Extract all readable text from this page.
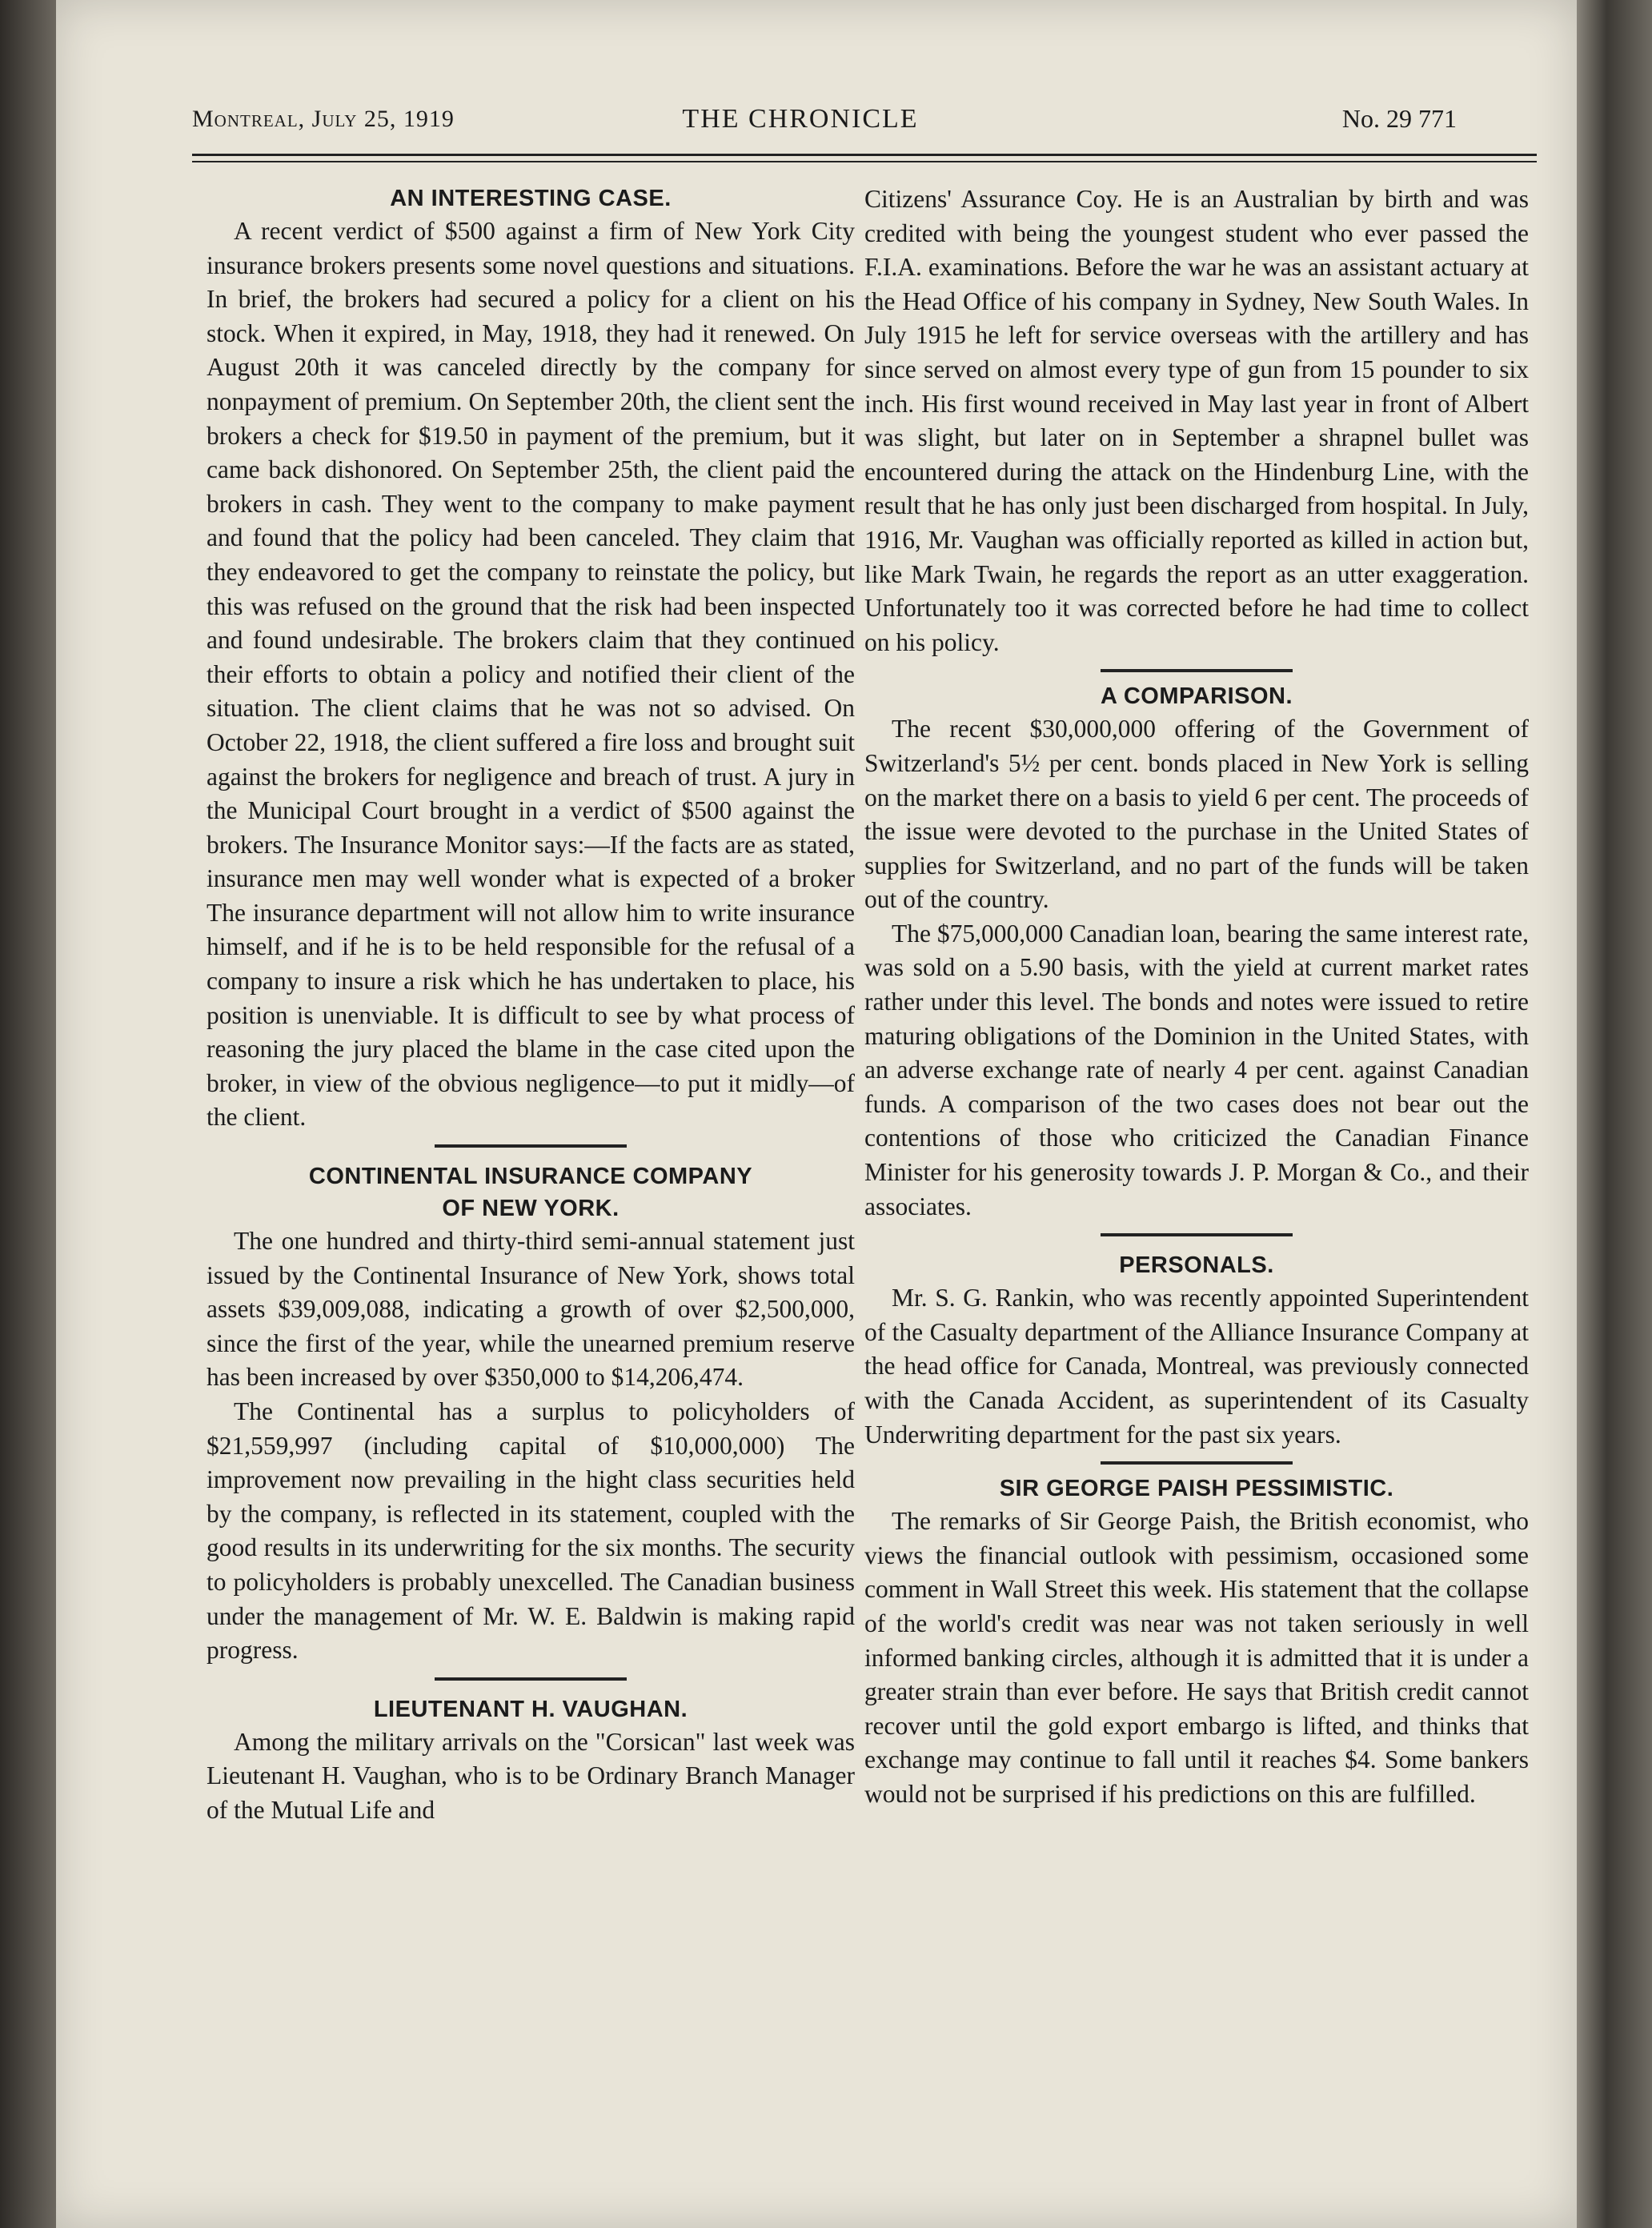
Montreal, July 25, 1919	THE CHRONICLE	No. 29 771
AN INTERESTING CASE.

A recent verdict of $500 against a firm of New York City insurance brokers presents some novel questions and situations. In brief, the brokers had secured a policy for a client on his stock. When it expired, in May, 1918, they had it renewed. On August 20th it was canceled directly by the company for nonpayment of premium. On September 20th, the client sent the brokers a check for $19.50 in payment of the premium, but it came back dishonored. On September 25th, the client paid the brokers in cash. They went to the company to make payment and found that the policy had been canceled. They claim that they endeavored to get the company to reinstate the policy, but this was refused on the ground that the risk had been inspected and found undesirable. The brokers claim that they continued their efforts to obtain a policy and notified their client of the situation. The client claims that he was not so advised. On October 22, 1918, the client suffered a fire loss and brought suit against the brokers for negligence and breach of trust. A jury in the Municipal Court brought in a verdict of $500 against the brokers. The Insurance Monitor says:—If the facts are as stated, insurance men may well wonder what is expected of a broker The insurance department will not allow him to write insurance himself, and if he is to be held responsible for the refusal of a company to insure a risk which he has undertaken to place, his position is unenviable. It is difficult to see by what process of reasoning the jury placed the blame in the case cited upon the broker, in view of the obvious negligence—to put it midly—of the client.

CONTINENTAL INSURANCE COMPANY
OF NEW YORK.

The one hundred and thirty-third semi-annual statement just issued by the Continental Insurance of New York, shows total assets $39,009,088, indicating a growth of over $2,500,000, since the first of the year, while the unearned premium reserve has been increased by over $350,000 to $14,206,474.

The Continental has a surplus to policyholders of $21,559,997 (including capital of $10,000,000) The improvement now prevailing in the hight class securities held by the company, is reflected in its statement, coupled with the good results in its underwriting for the six months. The security to policyholders is probably unexcelled. The Canadian business under the management of Mr. W. E. Baldwin is making rapid progress.

LIEUTENANT H. VAUGHAN.

Among the military arrivals on the "Corsican" last week was Lieutenant H. Vaughan, who is to be Ordinary Branch Manager of the Mutual Life and

Citizens' Assurance Coy. He is an Australian by birth and was credited with being the youngest student who ever passed the F.I.A. examinations. Before the war he was an assistant actuary at the Head Office of his company in Sydney, New South Wales. In July 1915 he left for service overseas with the artillery and has since served on almost every type of gun from 15 pounder to six inch. His first wound received in May last year in front of Albert was slight, but later on in September a shrapnel bullet was encountered during the attack on the Hindenburg Line, with the result that he has only just been discharged from hospital. In July, 1916, Mr. Vaughan was officially reported as killed in action but, like Mark Twain, he regards the report as an utter exaggeration. Unfortunately too it was corrected before he had time to collect on his policy.

A COMPARISON.

The recent $30,000,000 offering of the Government of Switzerland's 5½ per cent. bonds placed in New York is selling on the market there on a basis to yield 6 per cent. The proceeds of the issue were devoted to the purchase in the United States of supplies for Switzerland, and no part of the funds will be taken out of the country.

The $75,000,000 Canadian loan, bearing the same interest rate, was sold on a 5.90 basis, with the yield at current market rates rather under this level. The bonds and notes were issued to retire maturing obligations of the Dominion in the United States, with an adverse exchange rate of nearly 4 per cent. against Canadian funds. A comparison of the two cases does not bear out the contentions of those who criticized the Canadian Finance Minister for his generosity towards J. P. Morgan & Co., and their associates.

PERSONALS.

Mr. S. G. Rankin, who was recently appointed Superintendent of the Casualty department of the Alliance Insurance Company at the head office for Canada, Montreal, was previously connected with the Canada Accident, as superintendent of its Casualty Underwriting department for the past six years.

SIR GEORGE PAISH PESSIMISTIC.

The remarks of Sir George Paish, the British economist, who views the financial outlook with pessimism, occasioned some comment in Wall Street this week. His statement that the collapse of the world's credit was near was not taken seriously in well informed banking circles, although it is admitted that it is under a greater strain than ever before. He says that British credit cannot recover until the gold export embargo is lifted, and thinks that exchange may continue to fall until it reaches $4. Some bankers would not be surprised if his predictions on this are fulfilled.
